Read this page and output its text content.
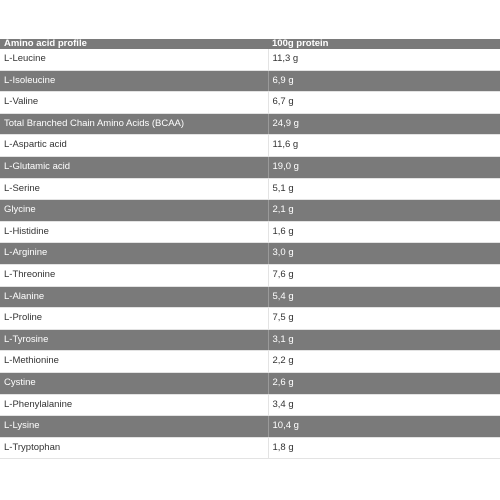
Amino acid profile	100g protein
L-Leucine	11,3 g
L-Isoleucine	6,9 g
L-Valine	6,7 g
Total Branched Chain Amino Acids (BCAA)	24,9 g
L-Aspartic acid	11,6 g
L-Glutamic acid	19,0 g
L-Serine	5,1 g
Glycine	2,1 g
L-Histidine	1,6 g
L-Arginine	3,0 g
L-Threonine	7,6 g
L-Alanine	5,4 g
L-Proline	7,5 g
L-Tyrosine	3,1 g
L-Methionine	2,2 g
Cystine	2,6 g
L-Phenylalanine	3,4 g
L-Lysine	10,4 g
L-Tryptophan	1,8 g
